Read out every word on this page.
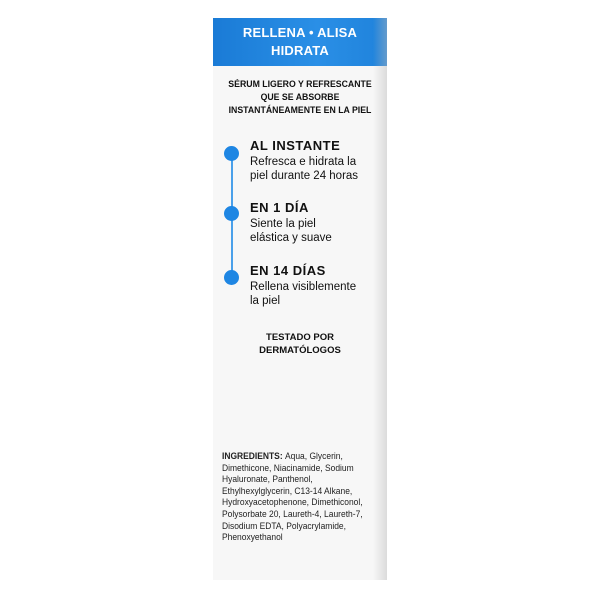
RELLENA • ALISA
HIDRATA
SÉRUM LIGERO Y REFRESCANTE
QUE SE ABSORBE
INSTANTÁNEAMENTE EN LA PIEL
AL INSTANTE
Refresca e hidrata la
piel durante 24 horas
EN 1 DÍA
Siente la piel
elástica y suave
EN 14 DÍAS
Rellena visiblemente
la piel
TESTADO POR
DERMATÓLOGOS
INGREDIENTS: Aqua, Glycerin, Dimethicone, Niacinamide, Sodium Hyaluronate, Panthenol, Ethylhexylglycerin, C13-14 Alkane, Hydroxyacetophenone, Dimethiconol, Polysorbate 20, Laureth-4, Laureth-7, Disodium EDTA, Polyacrylamide, Phenoxyethanol
